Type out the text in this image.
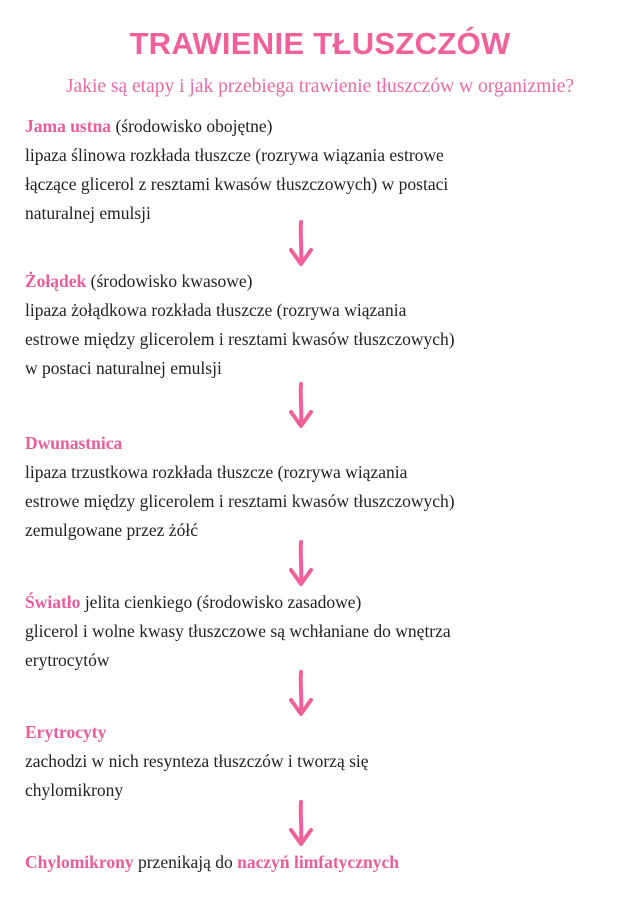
TRAWIENIE TŁUSZCZÓW
Jakie są etapy i jak przebiega trawienie tłuszczów w organizmie?
Jama ustna (środowisko obojętne)
lipaza ślinowa rozkłada tłuszcze (rozrywa wiązania estrowe
łączące glicerol z resztami kwasów tłuszczowych) w postaci
naturalnej emulsji
Żołądek (środowisko kwasowe)
lipaza żołądkowa rozkłada tłuszcze (rozrywa wiązania
estrowe między glicerolem i resztami kwasów tłuszczowych)
w postaci naturalnej emulsji
Dwunastnica
lipaza trzustkowa rozkłada tłuszcze (rozrywa wiązania
estrowe między glicerolem i resztami kwasów tłuszczowych)
zemulgowane przez żółć
Światło jelita cienkiego (środowisko zasadowe)
glicerol i wolne kwasy tłuszczowe są wchłaniane do wnętrza
erytrocytów
Erytrocyty
zachodzi w nich resynteza tłuszczów i tworzą się
chylomikrony
Chylomikrony przenikają do naczyń limfatycznych
